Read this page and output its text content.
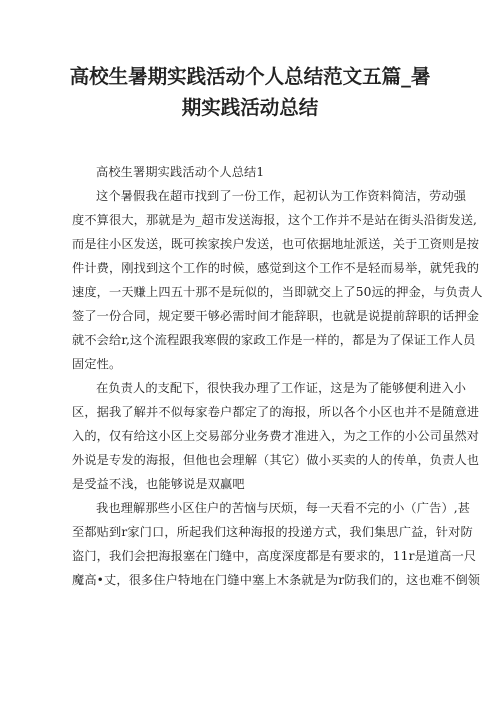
高校生暑期实践活动个人总结范文五篇_暑
期实践活动总结
高校生署期实践活动个人总结1
这个暑假我在超市找到了一份工作，起初认为工作资料简洁，劳动强
度不算很大，那就是为_超市发送海报，这个工作并不是站在街头沿街发送,
而是往小区发送，既可挨家挨户发送，也可依据地址派送，关于工资则是按
件计费，刚找到这个工作的时候，感觉到这个工作不是轻而易举，就凭我的
速度，一天赚上四五十那不是玩似的，当即就交上了50远的押金，与负责人
签了一份合同，规定要干够必需时间才能辞职，也就是说提前辞职的话押金
就不会给r,这个流程跟我寒假的家政工作是一样的，都是为了保证工作人员
固定性。
在负责人的支配下，很快我办理了工作证，这是为了能够便利进入小
区，据我了解并不似每家卷户都定了的海报，所以各个小区也并不是随意进
入的，仅有给这小区上交易部分业务费才准进入，为之工作的小公司虽然对
外说是专发的海报，但他也会理解（其它）做小买卖的人的传单，负责人也
是受益不浅，也能够说是双赢吧
我也理解那些小区住户的苦恼与厌烦，每一天看不完的小（广告）,甚
至都贴到r家门口，所起我们这种海报的投递方式，我们集思广益，针对防
盗门，我们会把海报塞在门缝中，高度深度都是有要求的，11r是道高一尺
魔高•丈，很多住户特地在门缝中塞上木条就是为r防我们的，这也难不倒领
